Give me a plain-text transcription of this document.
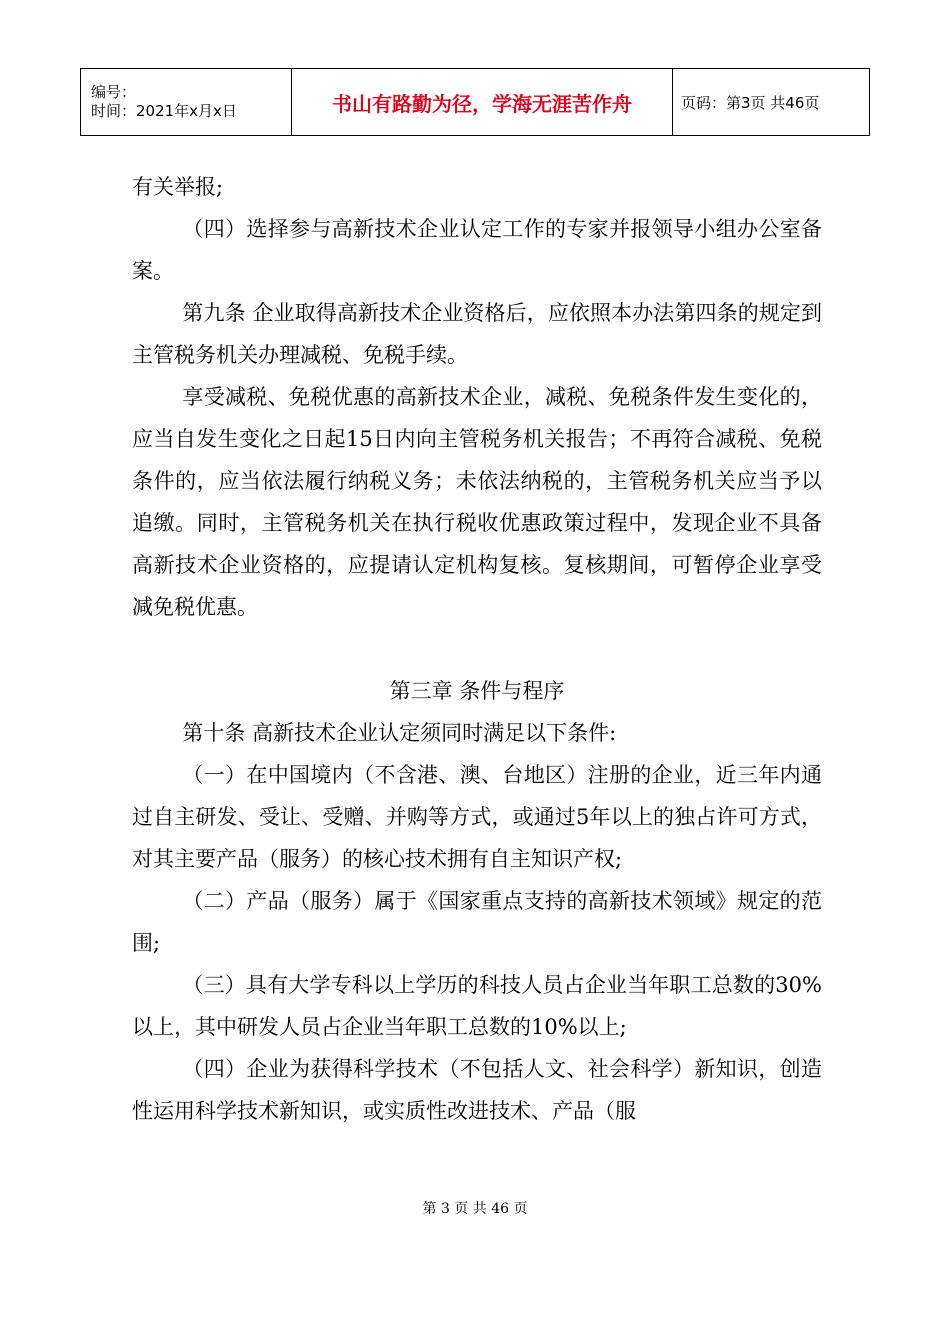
编号：
时间：2021年x月x日	书山有路勤为径，学海无涯苦作舟	页码：第3页 共46页

有关举报;

（四）选择参与高新技术企业认定工作的专家并报领导小组办公室备案。

第九条 企业取得高新技术企业资格后，应依照本办法第四条的规定到主管税务机关办理减税、免税手续。

享受减税、免税优惠的高新技术企业，减税、免税条件发生变化的，应当自发生变化之日起15日内向主管税务机关报告；不再符合减税、免税条件的，应当依法履行纳税义务；未依法纳税的，主管税务机关应当予以追缴。同时，主管税务机关在执行税收优惠政策过程中，发现企业不具备高新技术企业资格的，应提请认定机构复核。复核期间，可暂停企业享受减免税优惠。

第三章 条件与程序

第十条 高新技术企业认定须同时满足以下条件:

（一）在中国境内（不含港、澳、台地区）注册的企业，近三年内通过自主研发、受让、受赠、并购等方式，或通过5年以上的独占许可方式，对其主要产品（服务）的核心技术拥有自主知识产权;

（二）产品（服务）属于《国家重点支持的高新技术领域》规定的范围;

（三）具有大学专科以上学历的科技人员占企业当年职工总数的30%以上，其中研发人员占企业当年职工总数的10%以上;

（四）企业为获得科学技术（不包括人文、社会科学）新知识，创造性运用科学技术新知识，或实质性改进技术、产品（服

第 3 页 共 46 页
